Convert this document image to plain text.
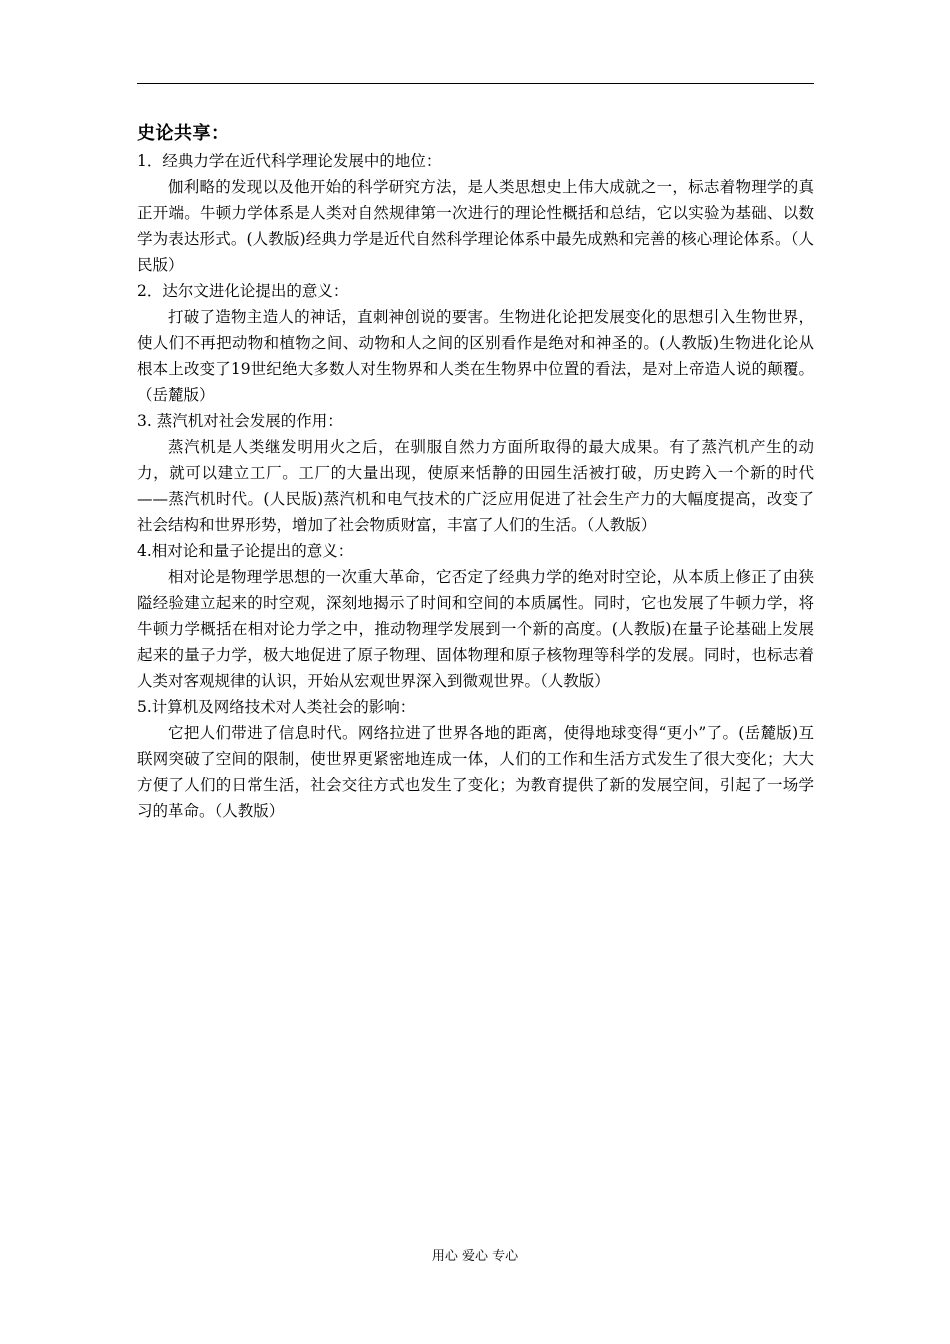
史论共享：

1．经典力学在近代科学理论发展中的地位：

伽利略的发现以及他开始的科学研究方法，是人类思想史上伟大成就之一，标志着物理学的真正开端。牛顿力学体系是人类对自然规律第一次进行的理论性概括和总结，它以实验为基础、以数学为表达形式。(人教版)经典力学是近代自然科学理论体系中最先成熟和完善的核心理论体系。（人民版）

2．达尔文进化论提出的意义：

打破了造物主造人的神话，直刺神创说的要害。生物进化论把发展变化的思想引入生物世界，使人们不再把动物和植物之间、动物和人之间的区别看作是绝对和神圣的。(人教版)生物进化论从根本上改变了19世纪绝大多数人对生物界和人类在生物界中位置的看法，是对上帝造人说的颠覆。（岳麓版）

3. 蒸汽机对社会发展的作用：

蒸汽机是人类继发明用火之后，在驯服自然力方面所取得的最大成果。有了蒸汽机产生的动力，就可以建立工厂。工厂的大量出现，使原来恬静的田园生活被打破，历史跨入一个新的时代——蒸汽机时代。(人民版)蒸汽机和电气技术的广泛应用促进了社会生产力的大幅度提高，改变了社会结构和世界形势，增加了社会物质财富，丰富了人们的生活。（人教版）

4.相对论和量子论提出的意义：

相对论是物理学思想的一次重大革命，它否定了经典力学的绝对时空论，从本质上修正了由狭隘经验建立起来的时空观，深刻地揭示了时间和空间的本质属性。同时，它也发展了牛顿力学，将牛顿力学概括在相对论力学之中，推动物理学发展到一个新的高度。(人教版)在量子论基础上发展起来的量子力学，极大地促进了原子物理、固体物理和原子核物理等科学的发展。同时，也标志着人类对客观规律的认识，开始从宏观世界深入到微观世界。（人教版）

5.计算机及网络技术对人类社会的影响：

它把人们带进了信息时代。网络拉进了世界各地的距离，使得地球变得“更小”了。(岳麓版)互联网突破了空间的限制，使世界更紧密地连成一体，人们的工作和生活方式发生了很大变化；大大方便了人们的日常生活，社会交往方式也发生了变化；为教育提供了新的发展空间，引起了一场学习的革命。（人教版）

用心 爱心 专心
